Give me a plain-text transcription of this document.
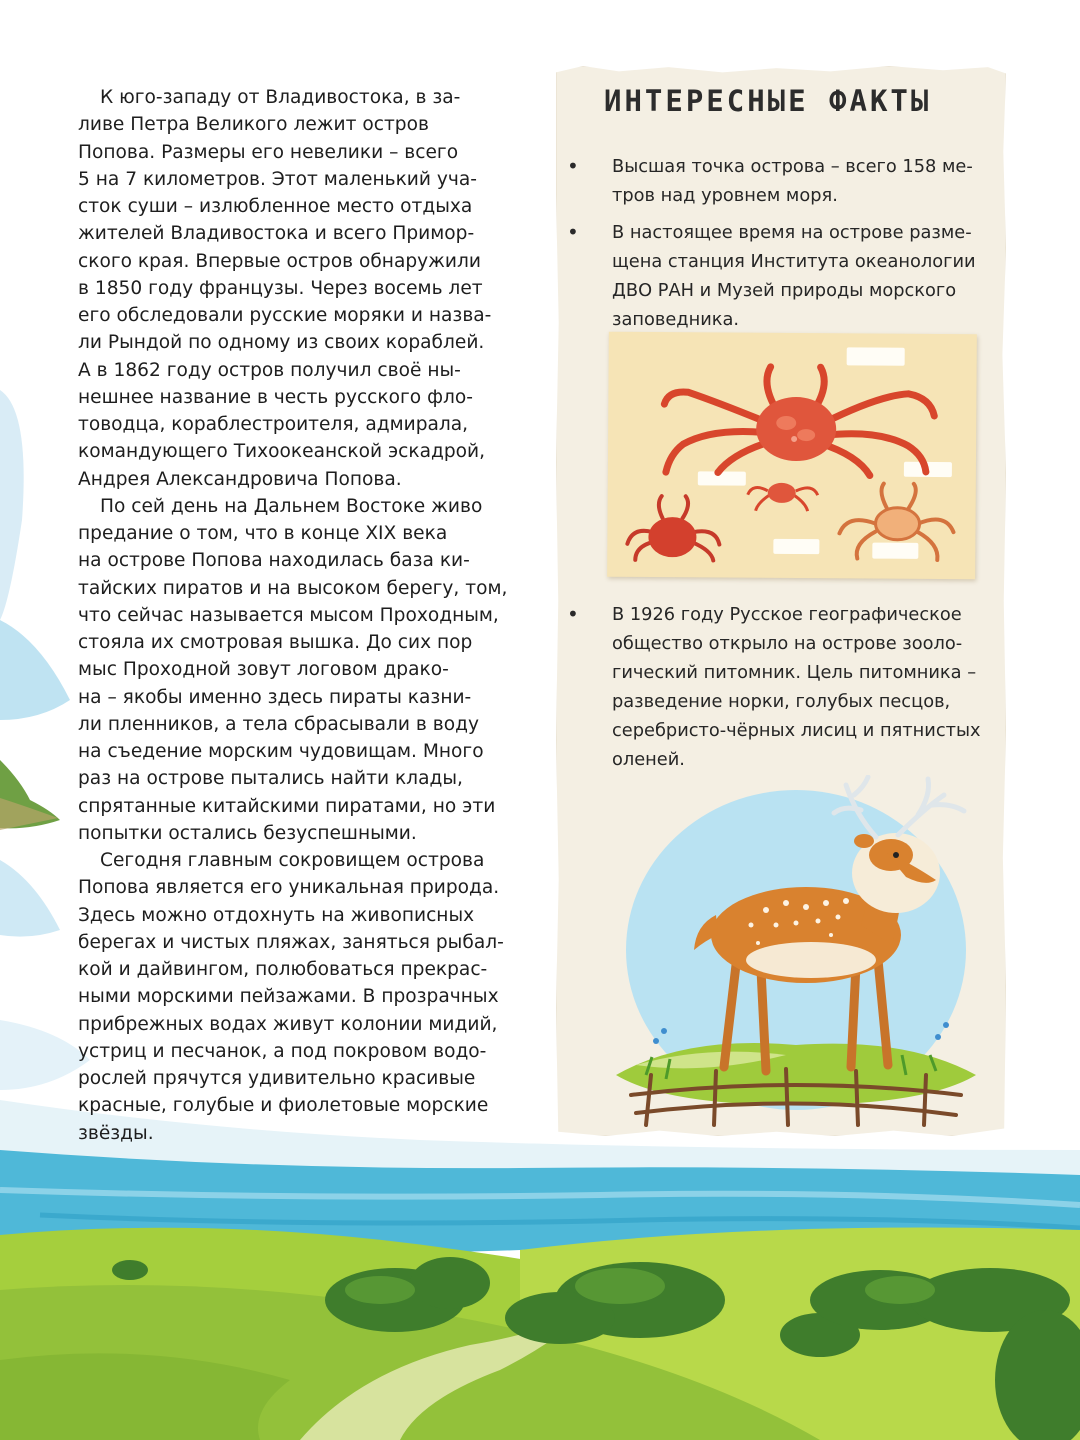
К юго-западу от Владивостока, в за-
ливе Петра Великого лежит остров
Попова. Размеры его невелики – всего
5 на 7 километров. Этот маленький уча-
сток суши – излюбленное место отдыха
жителей Владивостока и всего Примор-
ского края. Впервые остров обнаружили
в 1850 году французы. Через восемь лет
его обследовали русские моряки и назва-
ли Рындой по одному из своих кораблей.
А в 1862 году остров получил своё ны-
нешнее название в честь русского фло-
товодца, кораблестроителя, адмирала,
командующего Тихоокеанской эскадрой,
Андрея Александровича Попова.

По сей день на Дальнем Востоке живо
предание о том, что в конце XIX века
на острове Попова находилась база ки-
тайских пиратов и на высоком берегу, том,
что сейчас называется мысом Проходным,
стояла их смотровая вышка. До сих пор
мыс Проходной зовут логовом драко-
на – якобы именно здесь пираты казни-
ли пленников, а тела сбрасывали в воду
на съедение морским чудовищам. Много
раз на острове пытались найти клады,
спрятанные китайскими пиратами, но эти
попытки остались безуспешными.

Сегодня главным сокровищем острова
Попова является его уникальная природа.
Здесь можно отдохнуть на живописных
берегах и чистых пляжах, заняться рыбал-
кой и дайвингом, полюбоваться прекрас-
ными морскими пейзажами. В прозрачных
прибрежных водах живут колонии мидий,
устриц и песчанок, а под покровом водо-
рослей прячутся удивительно красивые
красные, голубые и фиолетовые морские
звёзды.

ИНТЕРЕСНЫЕ ФАКТЫ
• Высшая точка острова – всего 158 ме-
тров над уровнем моря.
• В настоящее время на острове разме-
щена станция Института океанологии
ДВО РАН и Музей природы морского
заповедника.
• В 1926 году Русское географическое
общество открыло на острове зооло-
гический питомник. Цель питомника –
разведение норки, голубых песцов,
серебристо-чёрных лисиц и пятнистых
оленей.
